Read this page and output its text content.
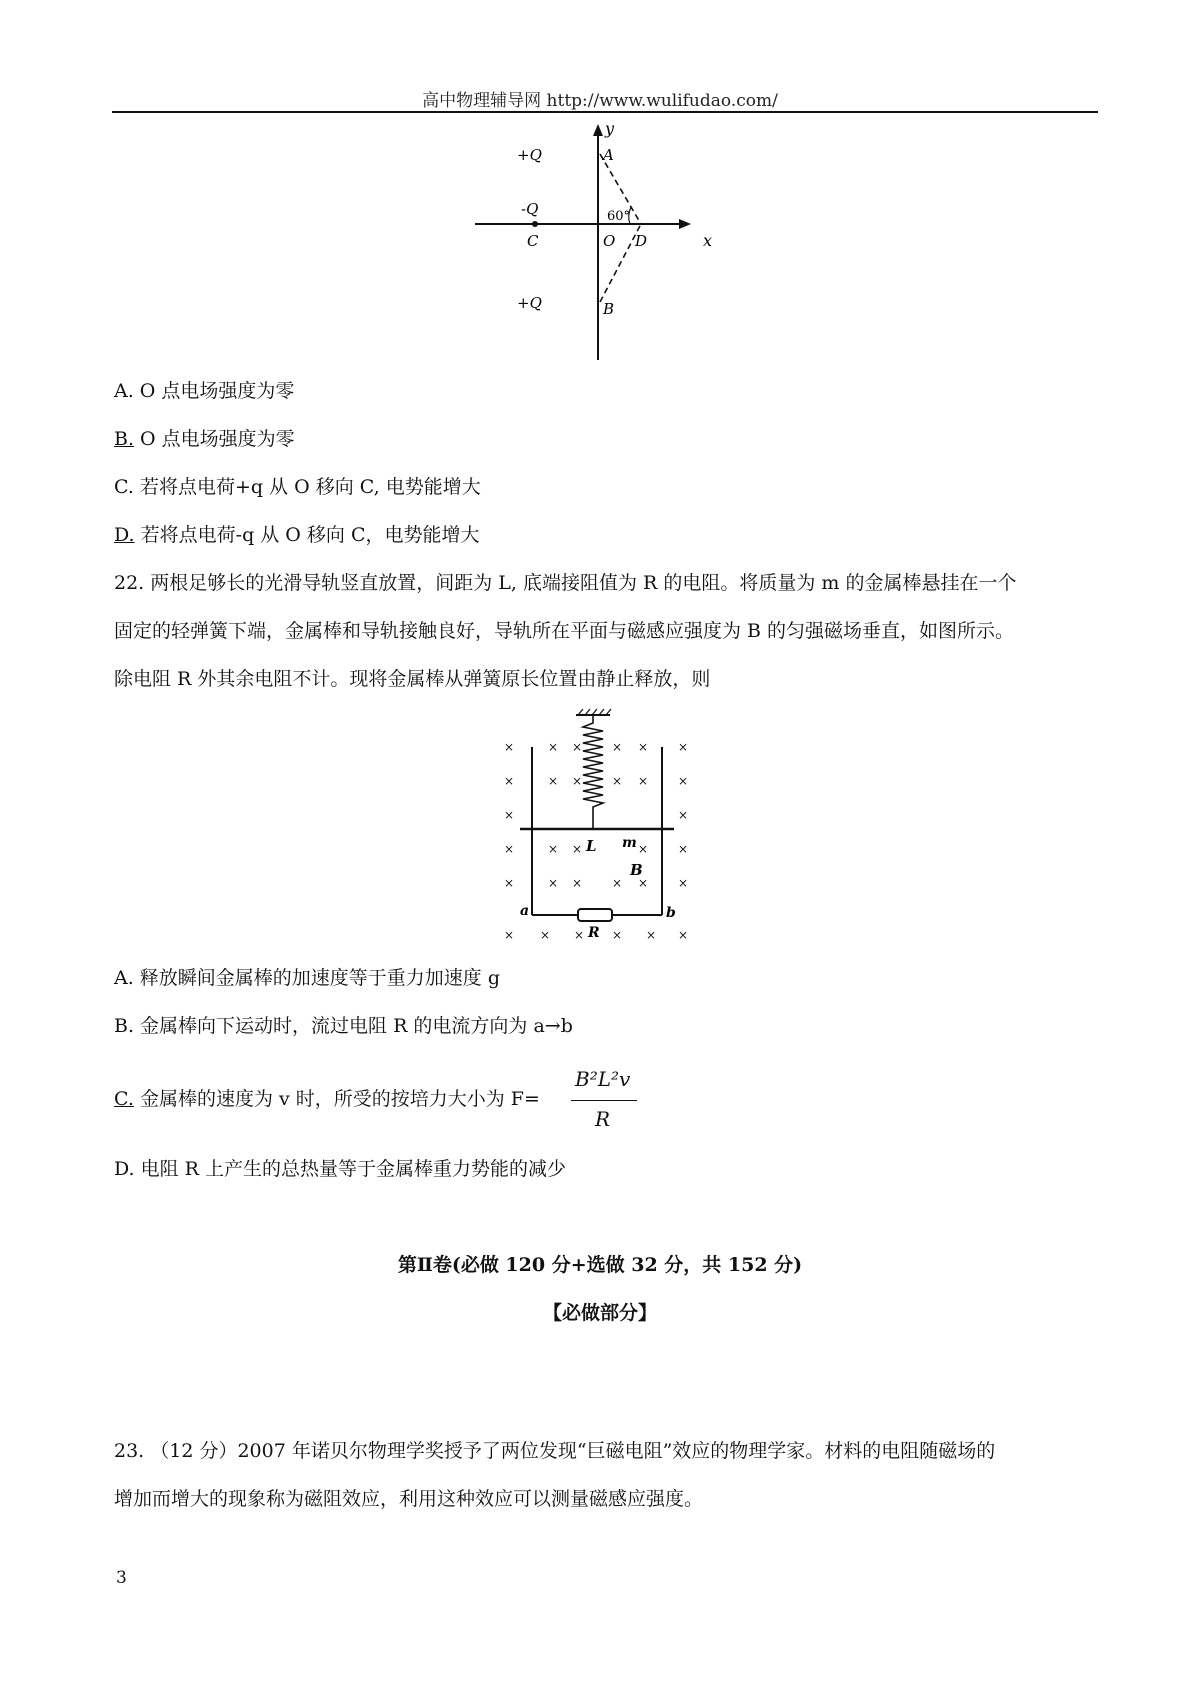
高中物理辅导网 http://www.wulifudao.com/
y
+Q	A
-Q	60°
C	O D	x
+Q	B
A. O 点电场强度为零
B. O 点电场强度为零
C. 若将点电荷+q 从 O 移向 C, 电势能增大
D. 若将点电荷-q 从 O 移向 C，电势能增大
22. 两根足够长的光滑导轨竖直放置，间距为 L, 底端接阻值为 R 的电阻。将质量为 m 的金属棒悬挂在一个
固定的轻弹簧下端，金属棒和导轨接触良好，导轨所在平面与磁感应强度为 B 的匀强磁场垂直，如图所示。
除电阻 R 外其余电阻不计。现将金属棒从弹簧原长位置由静止释放，则
×	× × × × ×
×	× × × × ×
×	×
×	× ×	× ×
×	× × × × ×
× × × × × ×
L m
B
a	b
R
A. 释放瞬间金属棒的加速度等于重力加速度 g
B. 金属棒向下运动时，流过电阻 R 的电流方向为 a→b
C. 金属棒的速度为 v 时，所受的按培力大小为 F=
B²L²v
R
D. 电阻 R 上产生的总热量等于金属棒重力势能的减少
第Ⅱ卷(必做 120 分+选做 32 分，共 152 分)
【必做部分】
23. （12 分）2007 年诺贝尔物理学奖授予了两位发现“巨磁电阻”效应的物理学家。材料的电阻随磁场的
增加而增大的现象称为磁阻效应，利用这种效应可以测量磁感应强度。
3
